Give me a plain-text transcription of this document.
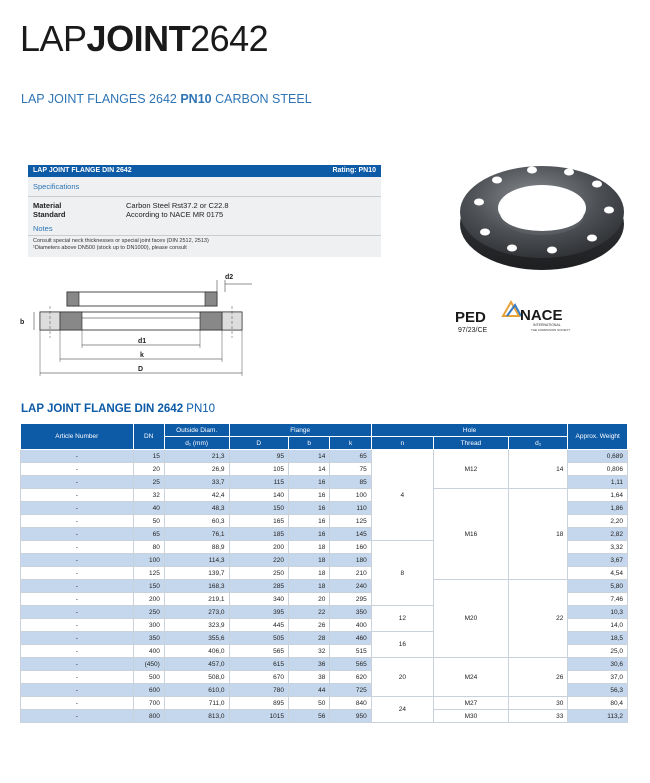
LAPJOINT2642
LAP JOINT FLANGES 2642 PN10 CARBON STEEL
LAP JOINT FLANGE DIN 2642	Rating: PN10
Specifications
Material	Carbon Steel Rst37.2 or C22.8
Standard	According to NACE MR 0175
Notes
Consult special neck thicknesses or special joint faces (DIN 2512, 2513)
¹Diameters above DN500 (stock up to DN1000), please consult
PED
97/23/CE
NACE
INTERNATIONAL
THE CORROSION SOCIETY
b
d2
d1
k
D
LAP JOINT FLANGE DIN 2642 PN10
Article Number	DN	Outside Diam.	Flange			Hole			Approx. Weight
		d₁ (mm)	D	b	k	n	Thread	d₂	
-	15	21,3	95	14	65	4	M12	14	0,689
-	20	26,9	105	14	75				0,806
-	25	33,7	115	16	85				1,11
-	32	42,4	140	16	100		M16	18	1,64
-	40	48,3	150	16	110				1,86
-	50	60,3	165	16	125				2,20
-	65	76,1	185	16	145				2,82
-	80	88,9	200	18	160	8			3,32
-	100	114,3	220	18	180				3,67
-	125	139,7	250	18	210				4,54
-	150	168,3	285	18	240		M20	22	5,80
-	200	219,1	340	20	295				7,46
-	250	273,0	395	22	350	12			10,3
-	300	323,9	445	26	400				14,0
-	350	355,6	505	28	460	16			18,5
-	400	406,0	565	32	515				25,0
-	(450)	457,0	615	36	565	20	M24	26	30,6
-	500	508,0	670	38	620				37,0
-	600	610,0	780	44	725				56,3
-	700	711,0	895	50	840	24	M27	30	80,4
-	800	813,0	1015	56	950		M30	33	113,2
